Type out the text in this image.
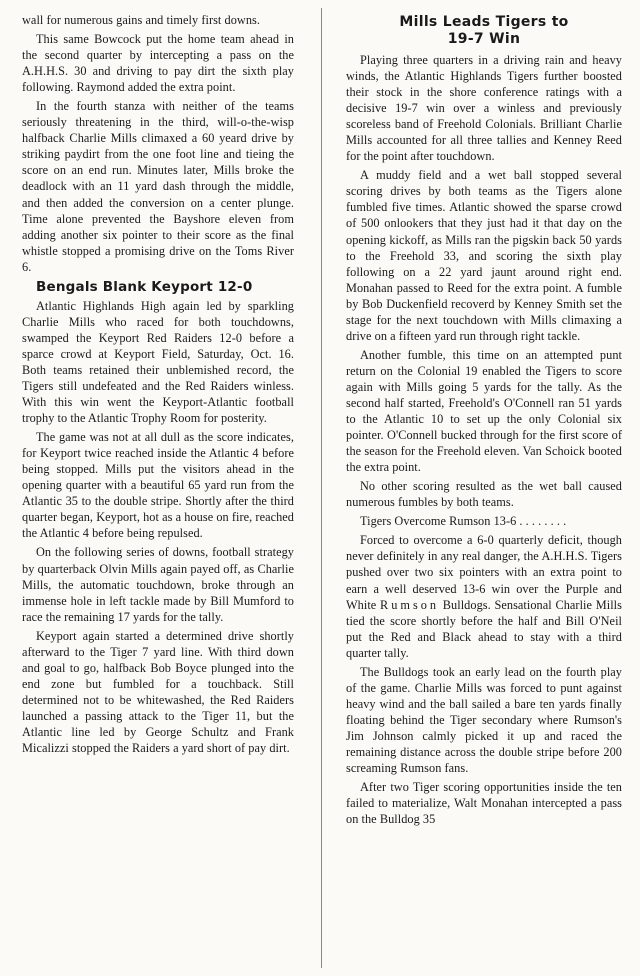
wall for numerous gains and timely first downs.

This same Bowcock put the home team ahead in the second quarter by intercepting a pass on the A.H.H.S. 30 and driving to pay dirt the sixth play following. Raymond added the extra point.

In the fourth stanza with neither of the teams seriously threatening in the third, will-o-the-wisp halfback Charlie Mills climaxed a 60 yeard drive by striking paydirt from the one foot line and tieing the score on an end run. Minutes later, Mills broke the deadlock with an 11 yard dash through the middle, and then added the conversion on a center plunge. Time alone prevented the Bayshore eleven from adding another six pointer to their score as the final whistle stopped a promising drive on the Toms River 6.

Bengals Blank Keyport 12-0

Atlantic Highlands High again led by sparkling Charlie Mills who raced for both touchdowns, swamped the Keyport Red Raiders 12-0 before a sparce crowd at Keyport Field, Saturday, Oct. 16. Both teams retained their unblemished record, the Tigers still undefeated and the Red Raiders winless. With this win went the Keyport-Atlantic football trophy to the Atlantic Trophy Room for posterity.

The game was not at all dull as the score indicates, for Keyport twice reached inside the Atlantic 4 before being stopped. Mills put the visitors ahead in the opening quarter with a beautiful 65 yard run from the Atlantic 35 to the double stripe. Shortly after the third quarter began, Keyport, hot as a house on fire, reached the Atlantic 4 before being repulsed.

On the following series of downs, football strategy by quarterback Olvin Mills again payed off, as Charlie Mills, the automatic touchdown, broke through an immense hole in left tackle made by Bill Mumford to race the remaining 17 yards for the tally.

Keyport again started a determined drive shortly afterward to the Tiger 7 yard line. With third down and goal to go, halfback Bob Boyce plunged into the end zone but fumbled for a touchback. Still determined not to be whitewashed, the Red Raiders launched a passing attack to the Tiger 11, but the Atlantic line led by George Schultz and Frank Micalizzi stopped the Raiders a yard short of pay dirt.

Mills Leads Tigers to
19-7 Win

Playing three quarters in a driving rain and heavy winds, the Atlantic Highlands Tigers further boosted their stock in the shore conference ratings with a decisive 19-7 win over a winless and previously scoreless band of Freehold Colonials. Brilliant Charlie Mills accounted for all three tallies and Kenney Reed for the point after touchdown.

A muddy field and a wet ball stopped several scoring drives by both teams as the Tigers alone fumbled five times. Atlantic showed the sparse crowd of 500 onlookers that they just had it that day on the opening kickoff, as Mills ran the pigskin back 50 yards to the Freehold 33, and scoring the sixth play following on a 22 yard jaunt around right end. Monahan passed to Reed for the extra point. A fumble by Bob Duckenfield recoverd by Kenney Smith set the stage for the next touchdown with Mills climaxing a drive on a fifteen yard run through right tackle.

Another fumble, this time on an attempted punt return on the Colonial 19 enabled the Tigers to score again with Mills going 5 yards for the tally. As the second half started, Freehold's O'Connell ran 51 yards to the Atlantic 10 to set up the only Colonial six pointer. O'Connell bucked through for the first score of the season for the Freehold eleven. Van Schoick booted the extra point.

No other scoring resulted as the wet ball caused numerous fumbles by both teams.

Tigers Overcome Rumson 13-6 . . . . . . . .

Forced to overcome a 6-0 quarterly deficit, though never definitely in any real danger, the A.H.H.S. Tigers pushed over two six pointers with an extra point to earn a well deserved 13-6 win over the Purple and White Rumson Bulldogs. Sensational Charlie Mills tied the score shortly before the half and Bill O'Neil put the Red and Black ahead to stay with a third quarter tally.

The Bulldogs took an early lead on the fourth play of the game. Charlie Mills was forced to punt against heavy wind and the ball sailed a bare ten yards finally floating behind the Tiger secondary where Rumson's Jim Johnson calmly picked it up and raced the remaining distance across the double stripe before 200 screaming Rumson fans.

After two Tiger scoring opportunities inside the ten failed to materialize, Walt Monahan intercepted a pass on the Bulldog 35
